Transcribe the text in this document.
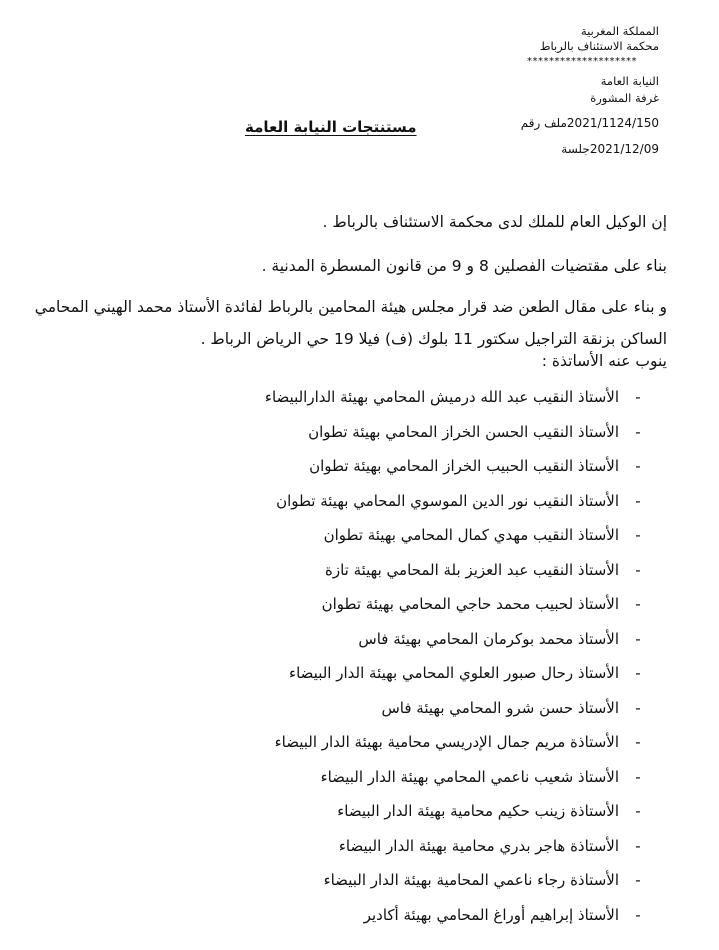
المملكة المغربية
محكمة الاستئناف بالرباط
********************
النيابة العامة
غرفة المشورة
ملف رقم2021/1124/150
جلسة2021/12/09
مستنتجات النيابة العامة
إن الوكيل العام للملك لدى محكمة الاستئناف بالرباط .
بناء على مقتضيات الفصلين 8 و 9 من قانون المسطرة المدنية .
و بناء على مقال الطعن ضد قرار مجلس هيئة المحامين بالرباط لفائدة الأستاذ محمد الهيني المحامي
الساكن بزنقة التراجيل سكتور 11 بلوك (ف) فيلا 19 حي الرياض الرباط .
ينوب عنه الأساتذة :
-
الأستاذ النقيب عبد الله درميش المحامي بهيئة الدارالبيضاء
-
الأستاذ النقيب الحسن الخراز المحامي بهيئة تطوان
-
الأستاذ النقيب الحبيب الخراز المحامي بهيئة تطوان
-
الأستاذ النقيب نور الدين الموسوي المحامي بهيئة تطوان
-
الأستاذ النقيب مهدي كمال المحامي بهيئة تطوان
-
الأستاذ النقيب عبد العزيز بلة المحامي بهيئة تازة
-
الأستاذ لحبيب محمد حاجي المحامي بهيئة تطوان
-
الأستاذ محمد بوكرمان المحامي بهيئة فاس
-
الأستاذ رحال صبور العلوي المحامي بهيئة الدار البيضاء
-
الأستاذ حسن شرو المحامي بهيئة فاس
-
الأستاذة مريم جمال الإدريسي محامية بهيئة الدار البيضاء
-
الأستاذ شعيب ناعمي المحامي بهيئة الدار البيضاء
-
الأستاذة زينب حكيم محامية بهيئة الدار البيضاء
-
الأستاذة هاجر بدري محامية بهيئة الدار البيضاء
-
الأستاذة رجاء ناعمي المحامية بهيئة الدار البيضاء
-
الأستاذ إبراهيم أوراغ المحامي بهيئة أكادير
